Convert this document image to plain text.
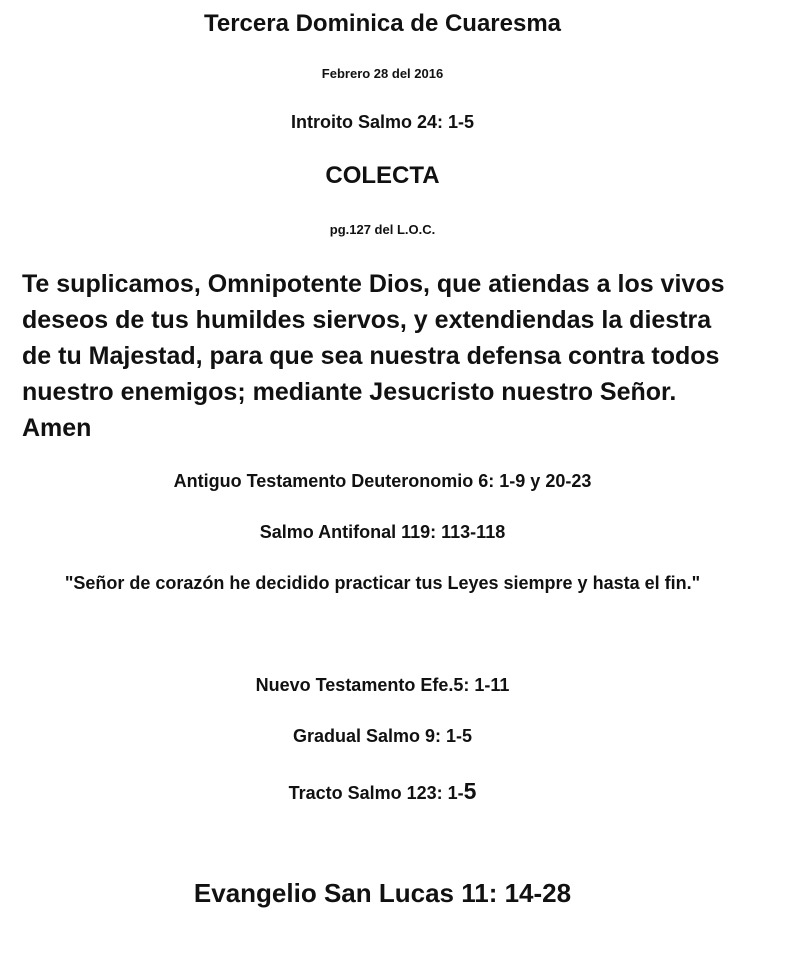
Tercera Dominica de Cuaresma
Febrero 28 del 2016
Introito Salmo 24: 1-5
COLECTA
pg.127 del L.O.C.
Te suplicamos, Omnipotente Dios, que atiendas a los vivos
deseos de tus humildes siervos, y extendiendas la diestra
de tu Majestad, para que sea nuestra defensa contra todos
nuestro enemigos; mediante Jesucristo nuestro Señor.
Amen
Antiguo Testamento Deuteronomio 6: 1-9 y 20-23
Salmo Antifonal 119: 113-118
"Señor de corazón he decidido practicar tus Leyes siempre y hasta el fin."
Nuevo Testamento Efe.5: 1-11
Gradual Salmo 9: 1-5
Tracto Salmo 123: 1-5
Evangelio San Lucas 11: 14-28
